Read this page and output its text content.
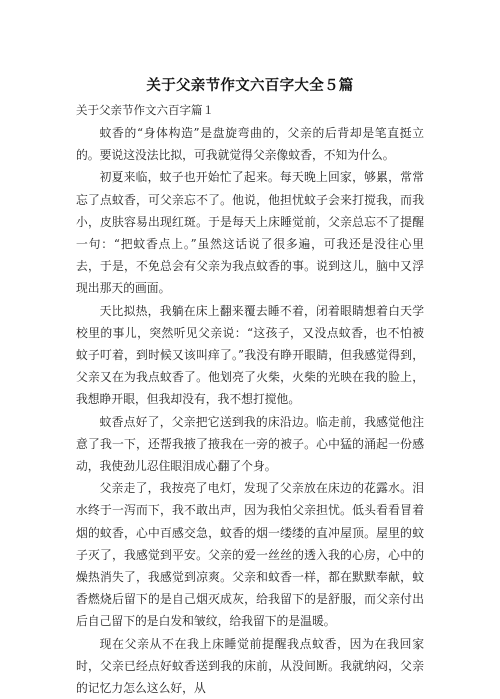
关于父亲节作文六百字大全５篇
关于父亲节作文六百字篇１

蚊香的“身体构造”是盘旋弯曲的，父亲的后背却是笔直挺立的。要说这没法比拟，可我就觉得父亲像蚊香，不知为什么。

初夏来临，蚊子也开始忙了起来。每天晚上回家，够累，常常忘了点蚊香，可父亲忘不了。他说，他担忧蚊子会来打搅我，而我小，皮肤容易出现红斑。于是每天上床睡觉前，父亲总忘不了提醒一句：“把蚊香点上。”虽然这话说了很多遍，可我还是没往心里去，于是，不免总会有父亲为我点蚊香的事。说到这儿，脑中又浮现出那天的画面。

天比拟热，我躺在床上翻来覆去睡不着，闭着眼睛想着白天学校里的事儿，突然听见父亲说：“这孩子，又没点蚊香，也不怕被蚊子叮着，到时候又该叫痒了。”我没有睁开眼睛，但我感觉得到，父亲又在为我点蚊香了。他划亮了火柴，火柴的光映在我的脸上，我想睁开眼，但我却没有，我不想打搅他。

蚊香点好了，父亲把它送到我的床沿边。临走前，我感觉他注意了我一下，还帮我掖了掖我在一旁的被子。心中猛的涌起一份感动，我使劲儿忍住眼泪成心翻了个身。

父亲走了，我按亮了电灯，发现了父亲放在床边的花露水。泪水终于一泻而下，我不敢出声，因为我怕父亲担忧。低头看看冒着烟的蚊香，心中百感交急，蚊香的烟一缕缕的直冲屋顶。屋里的蚊子灭了，我感觉到平安。父亲的爱一丝丝的透入我的心房，心中的燥热消失了，我感觉到凉爽。父亲和蚊香一样，都在默默奉献，蚊香燃烧后留下的是自己烟灭成灰，给我留下的是舒服，而父亲付出后自己留下的是白发和皱纹，给我留下的是温暖。

现在父亲从不在我上床睡觉前提醒我点蚊香，因为在我回家时，父亲已经点好蚊香送到我的床前，从没间断。我就纳闷，父亲的记忆力怎么这么好，从
